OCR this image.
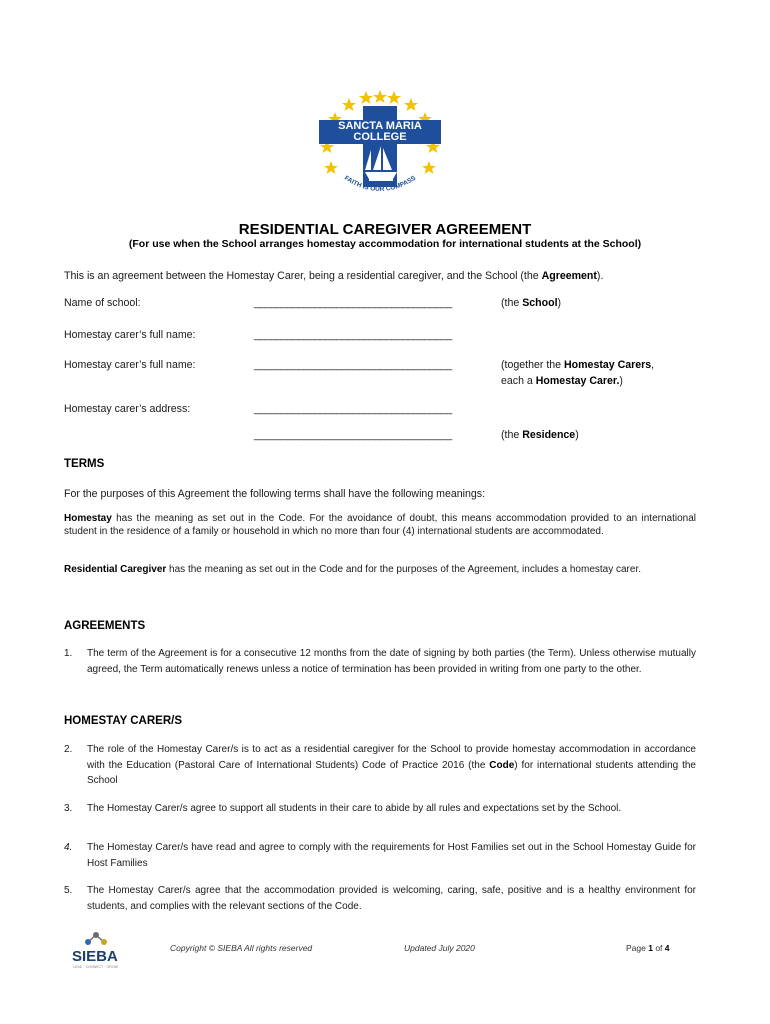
SANCTA MARIA
COLLEGE
FAITH IS OUR COMPASS
RESIDENTIAL CAREGIVER AGREEMENT
(For use when the School arranges homestay accommodation for international students at the School)
This is an agreement between the Homestay Carer, being a residential caregiver, and the School (the Agreement).
Name of school:	____________________________________	(the School)
Homestay carer’s full name:	____________________________________
Homestay carer’s full name:	____________________________________	(together the Homestay Carers,
each a Homestay Carer.)
Homestay carer’s address:	____________________________________
____________________________________	(the Residence)
TERMS
For the purposes of this Agreement the following terms shall have the following meanings:
Homestay has the meaning as set out in the Code. For the avoidance of doubt, this means accommodation provided to an international student in the residence of a family or household in which no more than four (4) international students are accommodated.
Residential Caregiver has the meaning as set out in the Code and for the purposes of the Agreement, includes a homestay carer.
AGREEMENTS
1. The term of the Agreement is for a consecutive 12 months from the date of signing by both parties (the Term). Unless otherwise mutually agreed, the Term automatically renews unless a notice of termination has been provided in writing from one party to the other.
HOMESTAY CARER/S
2. The role of the Homestay Carer/s is to act as a residential caregiver for the School to provide homestay accommodation in accordance with the Education (Pastoral Care of International Students) Code of Practice 2016 (the Code) for international students attending the School
3. The Homestay Carer/s agree to support all students in their care to abide by all rules and expectations set by the School.
4. The Homestay Carer/s have read and agree to comply with the requirements for Host Families set out in the School Homestay Guide for Host Families
5. The Homestay Carer/s agree that the accommodation provided is welcoming, caring, safe, positive and is a healthy environment for students, and complies with the relevant sections of the Code.
SIEBA
LEAD · CONNECT · GROW
Copyright © SIEBA All rights reserved	Updated July 2020	Page 1 of 4
